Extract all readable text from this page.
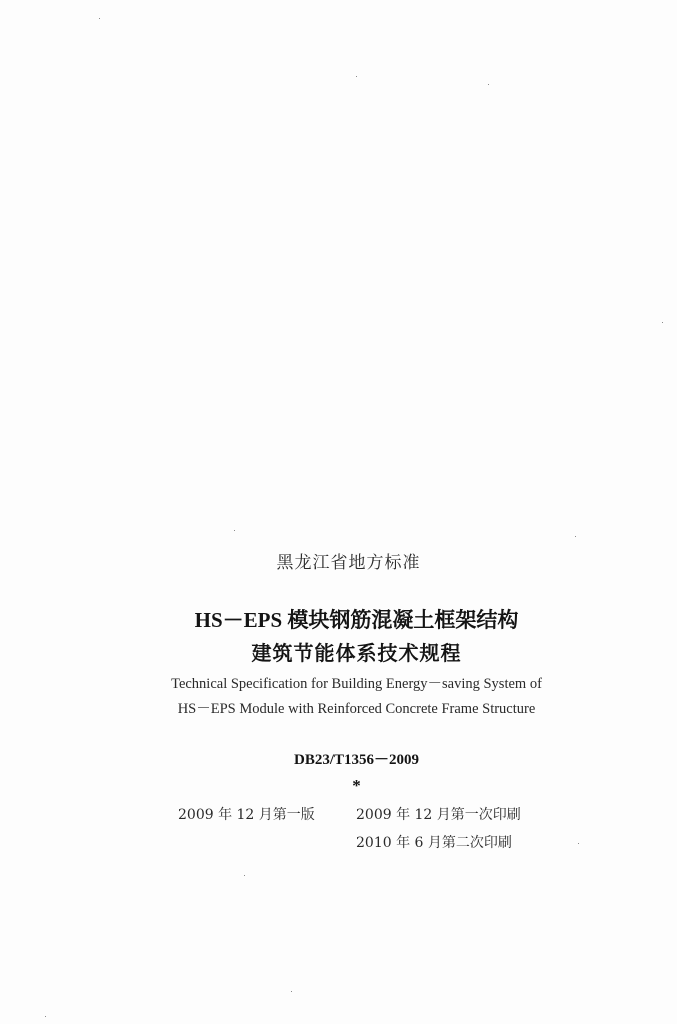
黑龙江省地方标准
HS－EPS 模块钢筋混凝土框架结构
建筑节能体系技术规程
Technical Specification for Building Energy－saving System of
HS－EPS Module with Reinforced Concrete Frame Structure
DB23/T1356－2009
*
2009 年 12 月第一版	2009 年 12 月第一次印刷
2010 年 6 月第二次印刷
